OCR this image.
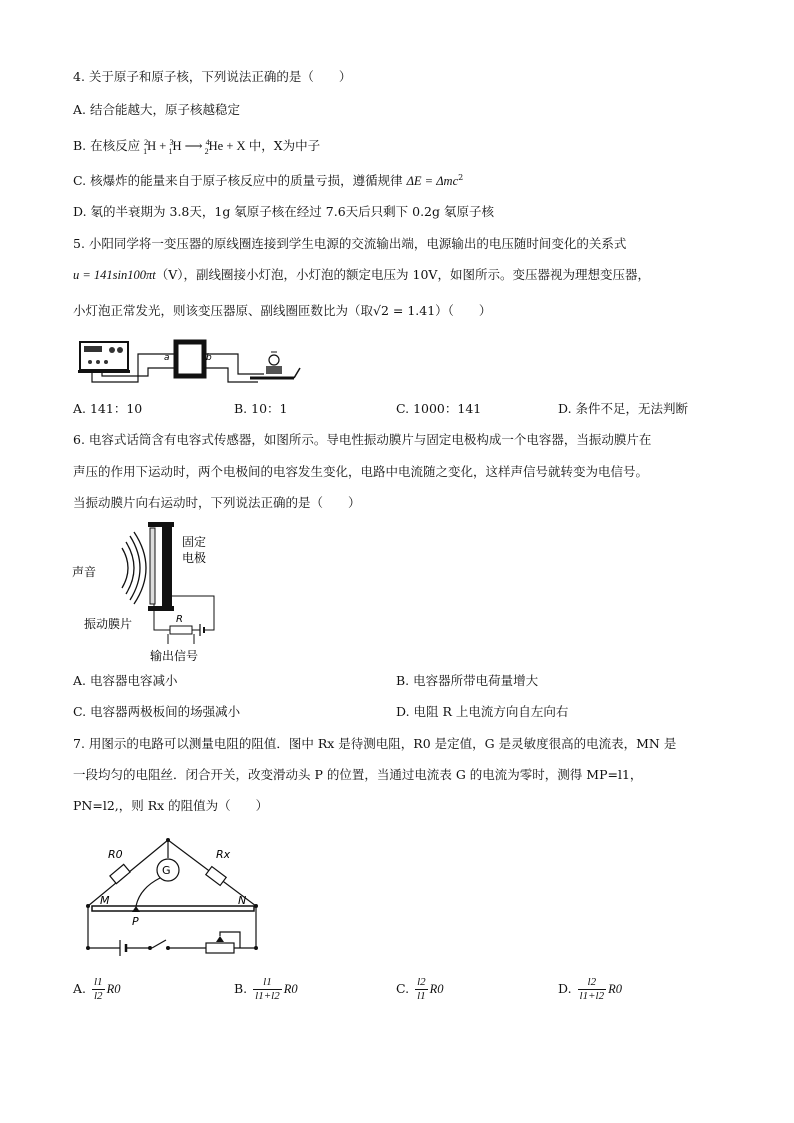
4. 关于原子和原子核，下列说法正确的是（　　）
A. 结合能越大，原子核越稳定
B. 在核反应 $^2_1$H + $^3_1$H ⟶ $^4_2$He + X 中，X为中子
C. 核爆炸的能量来自于原子核反应中的质量亏损，遵循规律 ΔE = Δmc$^2$
D. 氡的半衰期为 3.8天，1g 氡原子核在经过 7.6天后只剩下 0.2g 氡原子核
5. 小阳同学将一变压器的原线圈连接到学生电源的交流输出端，电源输出的电压随时间变化的关系式
u = 141sin100πt（V），副线圈接小灯泡，小灯泡的额定电压为 10V，如图所示。变压器视为理想变压器，
小灯泡正常发光，则该变压器原、副线圈匝数比为（取√2 = 1.41）（　　）
a	b
A. 141：10	B. 10：1	C. 1000：141	D. 条件不足，无法判断
6. 电容式话筒含有电容式传感器，如图所示。导电性振动膜片与固定电极构成一个电容器，当振动膜片在
声压的作用下运动时，两个电极间的电容发生变化，电路中电流随之变化，这样声信号就转变为电信号。
当振动膜片向右运动时，下列说法正确的是（　　）
声音
固定
电极
R
振动膜片
输出信号
A. 电容器电容减小	B. 电容器所带电荷量增大
C. 电容器两极板间的场强减小	D. 电阻 R 上电流方向自左向右
7. 用图示的电路可以测量电阻的阻值．图中 Rx 是待测电阻，R0 是定值，G 是灵敏度很高的电流表，MN 是
一段均匀的电阻丝．闭合开关，改变滑动头 P 的位置，当通过电流表 G 的电流为零时，测得 MP=l1，
PN=l2,，则 Rx 的阻值为（　　）
G
R0	Rx
M	N
P
A. $\frac{l1}{l2} R0$	B. $\frac{l1}{l1+l2} R0$	C. $\frac{l2}{l1} R0$	D. $\frac{l2}{l1+l2} R0$
